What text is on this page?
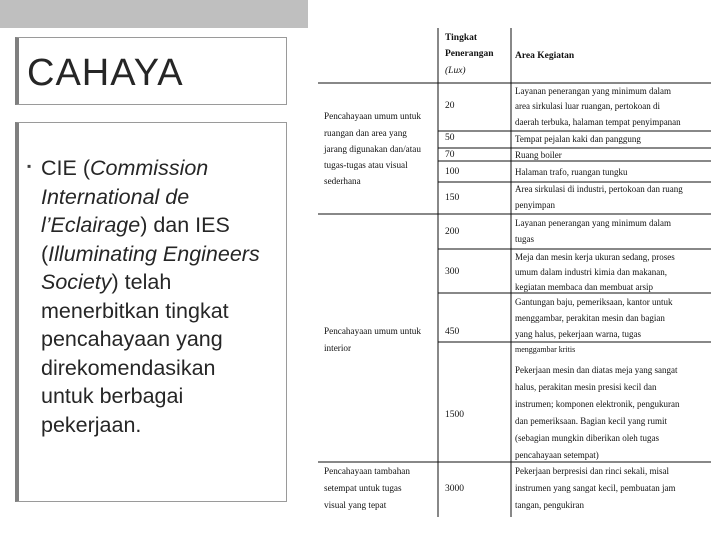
CAHAYA
▪ CIE (Commission International de l’Eclairage) dan IES (Illuminating Engineers Society) telah menerbitkan tingkat pencahayaan yang direkomendasikan untuk berbagai pekerjaan.
Tingkat
Penerangan
(Lux)
Area Kegiatan
20
50
70
100
150
200
300
450
1500
3000
Pencahayaan umum untuk
ruangan dan area yang
jarang digunakan dan/atau
tugas-tugas atau visual
sederhana
Pencahayaan umum untuk
interior
Pencahayaan tambahan
setempat untuk tugas
visual yang tepat
Layanan penerangan yang minimum dalam
area sirkulasi luar ruangan, pertokoan di
daerah terbuka, halaman tempat penyimpanan
Tempat pejalan kaki dan panggung
Ruang boiler
Halaman trafo, ruangan tungku
Area sirkulasi di industri, pertokoan dan ruang
penyimpan
Layanan penerangan yang minimum dalam
tugas
Meja dan mesin kerja ukuran sedang, proses
umum dalam industri kimia dan makanan,
kegiatan membaca dan membuat arsip
Gantungan baju, pemeriksaan, kantor untuk
menggambar, perakitan mesin dan bagian
yang halus, pekerjaan warna, tugas
menggambar kritis
Pekerjaan mesin dan diatas meja yang sangat
halus, perakitan mesin presisi kecil dan
instrumen; komponen elektronik, pengukuran
dan pemeriksaan. Bagian kecil yang rumit
(sebagian mungkin diberikan oleh tugas
pencahayaan setempat)
Pekerjaan berpresisi dan rinci sekali, misal
instrumen yang sangat kecil, pembuatan jam
tangan, pengukiran
